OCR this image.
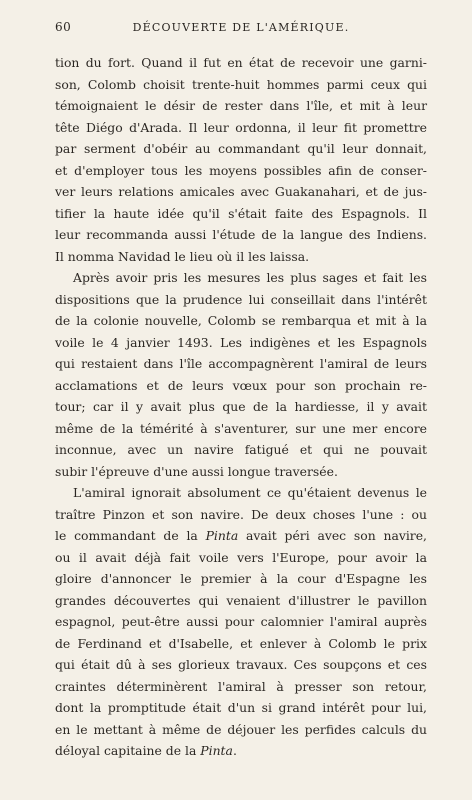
60	DÉCOUVERTE DE L'AMÉRIQUE.
tion du fort. Quand il fut en état de recevoir une garni-
son, Colomb choisit trente-huit hommes parmi ceux qui
témoignaient le désir de rester dans l'île, et mit à leur
tête Diégo d'Arada. Il leur ordonna, il leur fit promettre
par serment d'obéir au commandant qu'il leur donnait,
et d'employer tous les moyens possibles afin de conser-
ver leurs relations amicales avec Guakanahari, et de jus-
tifier la haute idée qu'il s'était faite des Espagnols. Il
leur recommanda aussi l'étude de la langue des Indiens.
Il nomma Navidad le lieu où il les laissa.
Après avoir pris les mesures les plus sages et fait les
dispositions que la prudence lui conseillait dans l'intérêt
de la colonie nouvelle, Colomb se rembarqua et mit à la
voile le 4 janvier 1493. Les indigènes et les Espagnols
qui restaient dans l'île accompagnèrent l'amiral de leurs
acclamations et de leurs vœux pour son prochain re-
tour; car il y avait plus que de la hardiesse, il y avait
même de la témérité à s'aventurer, sur une mer encore
inconnue, avec un navire fatigué et qui ne pouvait
subir l'épreuve d'une aussi longue traversée.
L'amiral ignorait absolument ce qu'étaient devenus le
traître Pinzon et son navire. De deux choses l'une : ou
le commandant de la Pinta avait péri avec son navire,
ou il avait déjà fait voile vers l'Europe, pour avoir la
gloire d'annoncer le premier à la cour d'Espagne les
grandes découvertes qui venaient d'illustrer le pavillon
espagnol, peut-être aussi pour calomnier l'amiral auprès
de Ferdinand et d'Isabelle, et enlever à Colomb le prix
qui était dû à ses glorieux travaux. Ces soupçons et ces
craintes déterminèrent l'amiral à presser son retour,
dont la promptitude était d'un si grand intérêt pour lui,
en le mettant à même de déjouer les perfides calculs du
déloyal capitaine de la Pinta.
